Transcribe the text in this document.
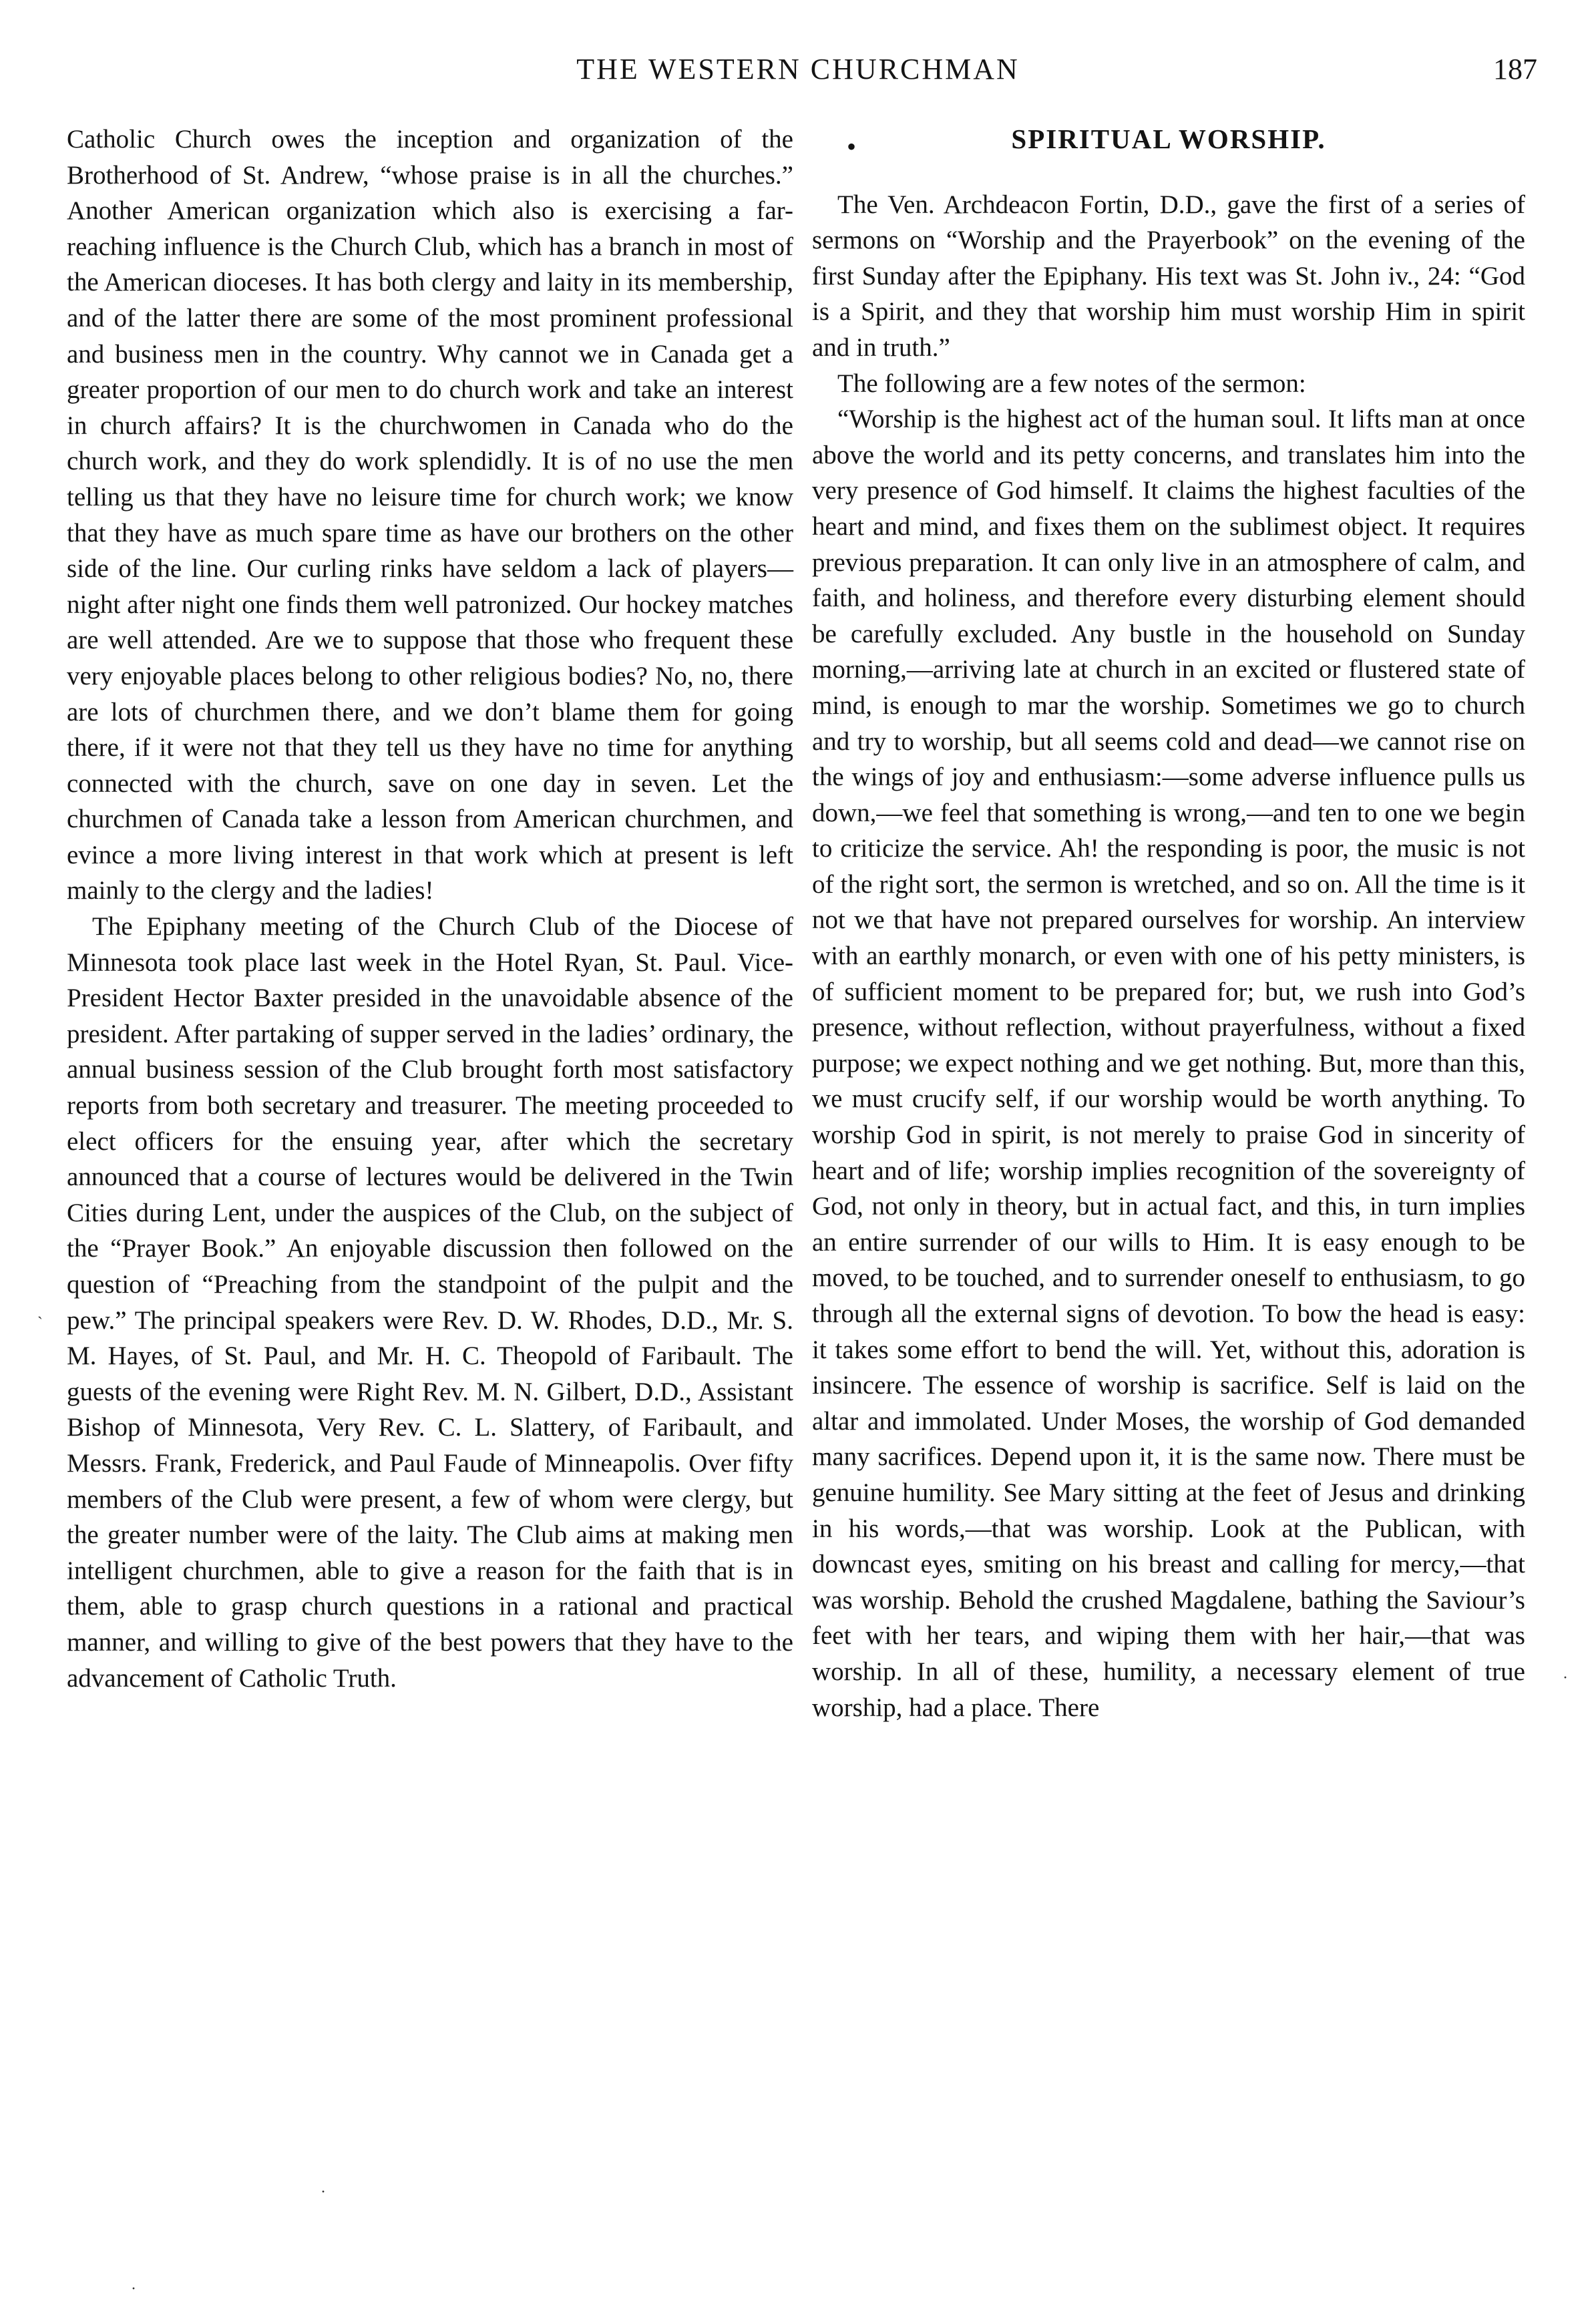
THE WESTERN CHURCHMAN	187

Catholic Church owes the inception and organization of the Brotherhood of St. Andrew, “whose praise is in all the churches.” Another American organization which also is exercising a far-reaching influence is the Church Club, which has a branch in most of the American dioceses. It has both clergy and laity in its membership, and of the latter there are some of the most prominent professional and business men in the country. Why cannot we in Canada get a greater proportion of our men to do church work and take an interest in church affairs? It is the churchwomen in Canada who do the church work, and they do work splendidly. It is of no use the men telling us that they have no leisure time for church work; we know that they have as much spare time as have our brothers on the other side of the line. Our curling rinks have seldom a lack of players—night after night one finds them well patronized. Our hockey matches are well attended. Are we to suppose that those who frequent these very enjoyable places belong to other religious bodies? No, no, there are lots of churchmen there, and we don’t blame them for going there, if it were not that they tell us they have no time for anything connected with the church, save on one day in seven. Let the churchmen of Canada take a lesson from American churchmen, and evince a more living interest in that work which at present is left mainly to the clergy and the ladies!

The Epiphany meeting of the Church Club of the Diocese of Minnesota took place last week in the Hotel Ryan, St. Paul. Vice-President Hector Baxter presided in the unavoidable absence of the president. After partaking of supper served in the ladies’ ordinary, the annual business session of the Club brought forth most satisfactory reports from both secretary and treasurer. The meeting proceeded to elect officers for the ensuing year, after which the secretary announced that a course of lectures would be delivered in the Twin Cities during Lent, under the auspices of the Club, on the subject of the “Prayer Book.” An enjoyable discussion then followed on the question of “Preaching from the standpoint of the pulpit and the pew.” The principal speakers were Rev. D. W. Rhodes, D.D., Mr. S. M. Hayes, of St. Paul, and Mr. H. C. Theopold of Faribault. The guests of the evening were Right Rev. M. N. Gilbert, D.D., Assistant Bishop of Minnesota, Very Rev. C. L. Slattery, of Faribault, and Messrs. Frank, Frederick, and Paul Faude of Minneapolis. Over fifty members of the Club were present, a few of whom were clergy, but the greater number were of the laity. The Club aims at making men intelligent churchmen, able to give a reason for the faith that is in them, able to grasp church questions in a rational and practical manner, and willing to give of the best powers that they have to the advancement of Catholic Truth.

•	SPIRITUAL WORSHIP.

The Ven. Archdeacon Fortin, D.D., gave the first of a series of sermons on “Worship and the Prayerbook” on the evening of the first Sunday after the Epiphany. His text was St. John iv., 24: “God is a Spirit, and they that worship him must worship Him in spirit and in truth.”

The following are a few notes of the sermon:

“Worship is the highest act of the human soul. It lifts man at once above the world and its petty concerns, and translates him into the very presence of God himself. It claims the highest faculties of the heart and mind, and fixes them on the sublimest object. It requires previous preparation. It can only live in an atmosphere of calm, and faith, and holiness, and therefore every disturbing element should be carefully excluded. Any bustle in the household on Sunday morning,—arriving late at church in an excited or flustered state of mind, is enough to mar the worship. Sometimes we go to church and try to worship, but all seems cold and dead—we cannot rise on the wings of joy and enthusiasm:—some adverse influence pulls us down,—we feel that something is wrong,—and ten to one we begin to criticize the service. Ah! the responding is poor, the music is not of the right sort, the sermon is wretched, and so on. All the time is it not we that have not prepared ourselves for worship. An interview with an earthly monarch, or even with one of his petty ministers, is of sufficient moment to be prepared for; but, we rush into God’s presence, without reflection, without prayerfulness, without a fixed purpose; we expect nothing and we get nothing. But, more than this, we must crucify self, if our worship would be worth anything. To worship God in spirit, is not merely to praise God in sincerity of heart and of life; worship implies recognition of the sovereignty of God, not only in theory, but in actual fact, and this, in turn implies an entire surrender of our wills to Him. It is easy enough to be moved, to be touched, and to surrender oneself to enthusiasm, to go through all the external signs of devotion. To bow the head is easy: it takes some effort to bend the will. Yet, without this, adoration is insincere. The essence of worship is sacrifice. Self is laid on the altar and immolated. Under Moses, the worship of God demanded many sacrifices. Depend upon it, it is the same now. There must be genuine humility. See Mary sitting at the feet of Jesus and drinking in his words,—that was worship. Look at the Publican, with downcast eyes, smiting on his breast and calling for mercy,—that was worship. Behold the crushed Magdalene, bathing the Saviour’s feet with her tears, and wiping them with her hair,—that was worship. In all of these, humility, a necessary element of true worship, had a place. There

ˎ
·
·
·
